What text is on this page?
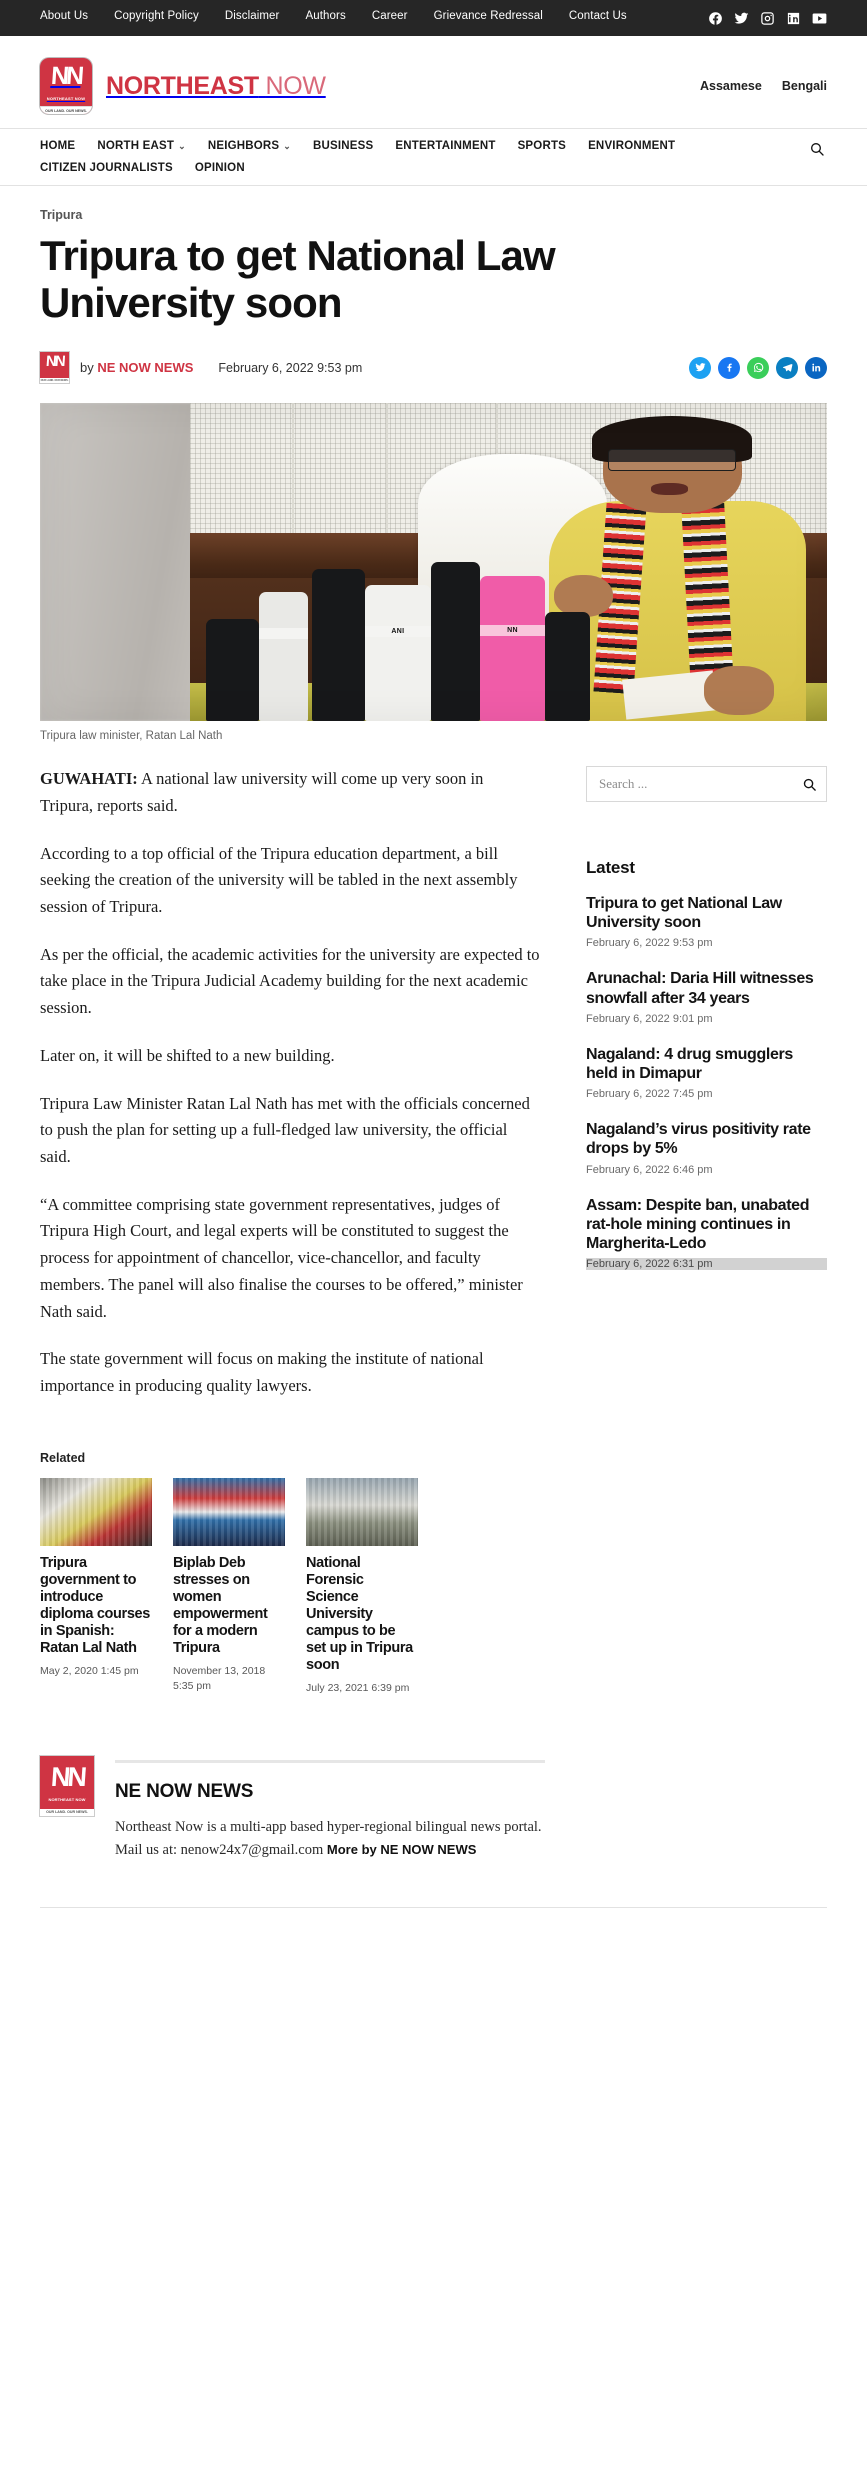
About Us Copyright Policy Disclaimer Authors Career Grievance Redressal Contact Us
NN
NORTHEAST NOW
OUR LAND. OUR NEWS.
NORTHEAST NOW	Assamese Bengali
HOME NORTH EAST ⌄ NEIGHBORS ⌄ BUSINESS ENTERTAINMENT SPORTS ENVIRONMENT
CITIZEN JOURNALISTS OPINION
Tripura
Tripura to get National Law University soon
NN
OUR LAND. OUR NEWS.
by NE NOW NEWS February 6, 2022 9:53 pm

ANI	NN
Tripura law minister, Ratan Lal Nath

GUWAHATI: A national law university will come up very soon in Tripura, reports said.

According to a top official of the Tripura education department, a bill seeking the creation of the university will be tabled in the next assembly session of Tripura.

As per the official, the academic activities for the university are expected to take place in the Tripura Judicial Academy building for the next academic session.

Later on, it will be shifted to a new building.

Tripura Law Minister Ratan Lal Nath has met with the officials concerned to push the plan for setting up a full-fledged law university, the official said.

“A committee comprising state government representatives, judges of Tripura High Court, and legal experts will be constituted to suggest the process for appointment of chancellor, vice-chancellor, and faculty members. The panel will also finalise the courses to be offered,” minister Nath said.

The state government will focus on making the institute of national importance in producing quality lawyers.

Search ...
Latest
Tripura to get National Law University soon
February 6, 2022 9:53 pm
Arunachal: Daria Hill witnesses snowfall after 34 years
February 6, 2022 9:01 pm
Nagaland: 4 drug smugglers held in Dimapur
February 6, 2022 7:45 pm
Nagaland’s virus positivity rate drops by 5%
February 6, 2022 6:46 pm
Assam: Despite ban, unabated rat-hole mining continues in Margherita-Ledo
February 6, 2022 6:31 pm
Related
Tripura government to introduce diploma courses in Spanish: Ratan Lal Nath
May 2, 2020 1:45 pm
Biplab Deb stresses on women empowerment for a modern Tripura
November 13, 2018 5:35 pm
National Forensic Science University campus to be set up in Tripura soon
July 23, 2021 6:39 pm
NN
NORTHEAST NOW
OUR LAND. OUR NEWS.
NE NOW NEWS

Northeast Now is a multi-app based hyper-regional bilingual news portal. Mail us at: nenow24x7@gmail.com More by NE NOW NEWS
